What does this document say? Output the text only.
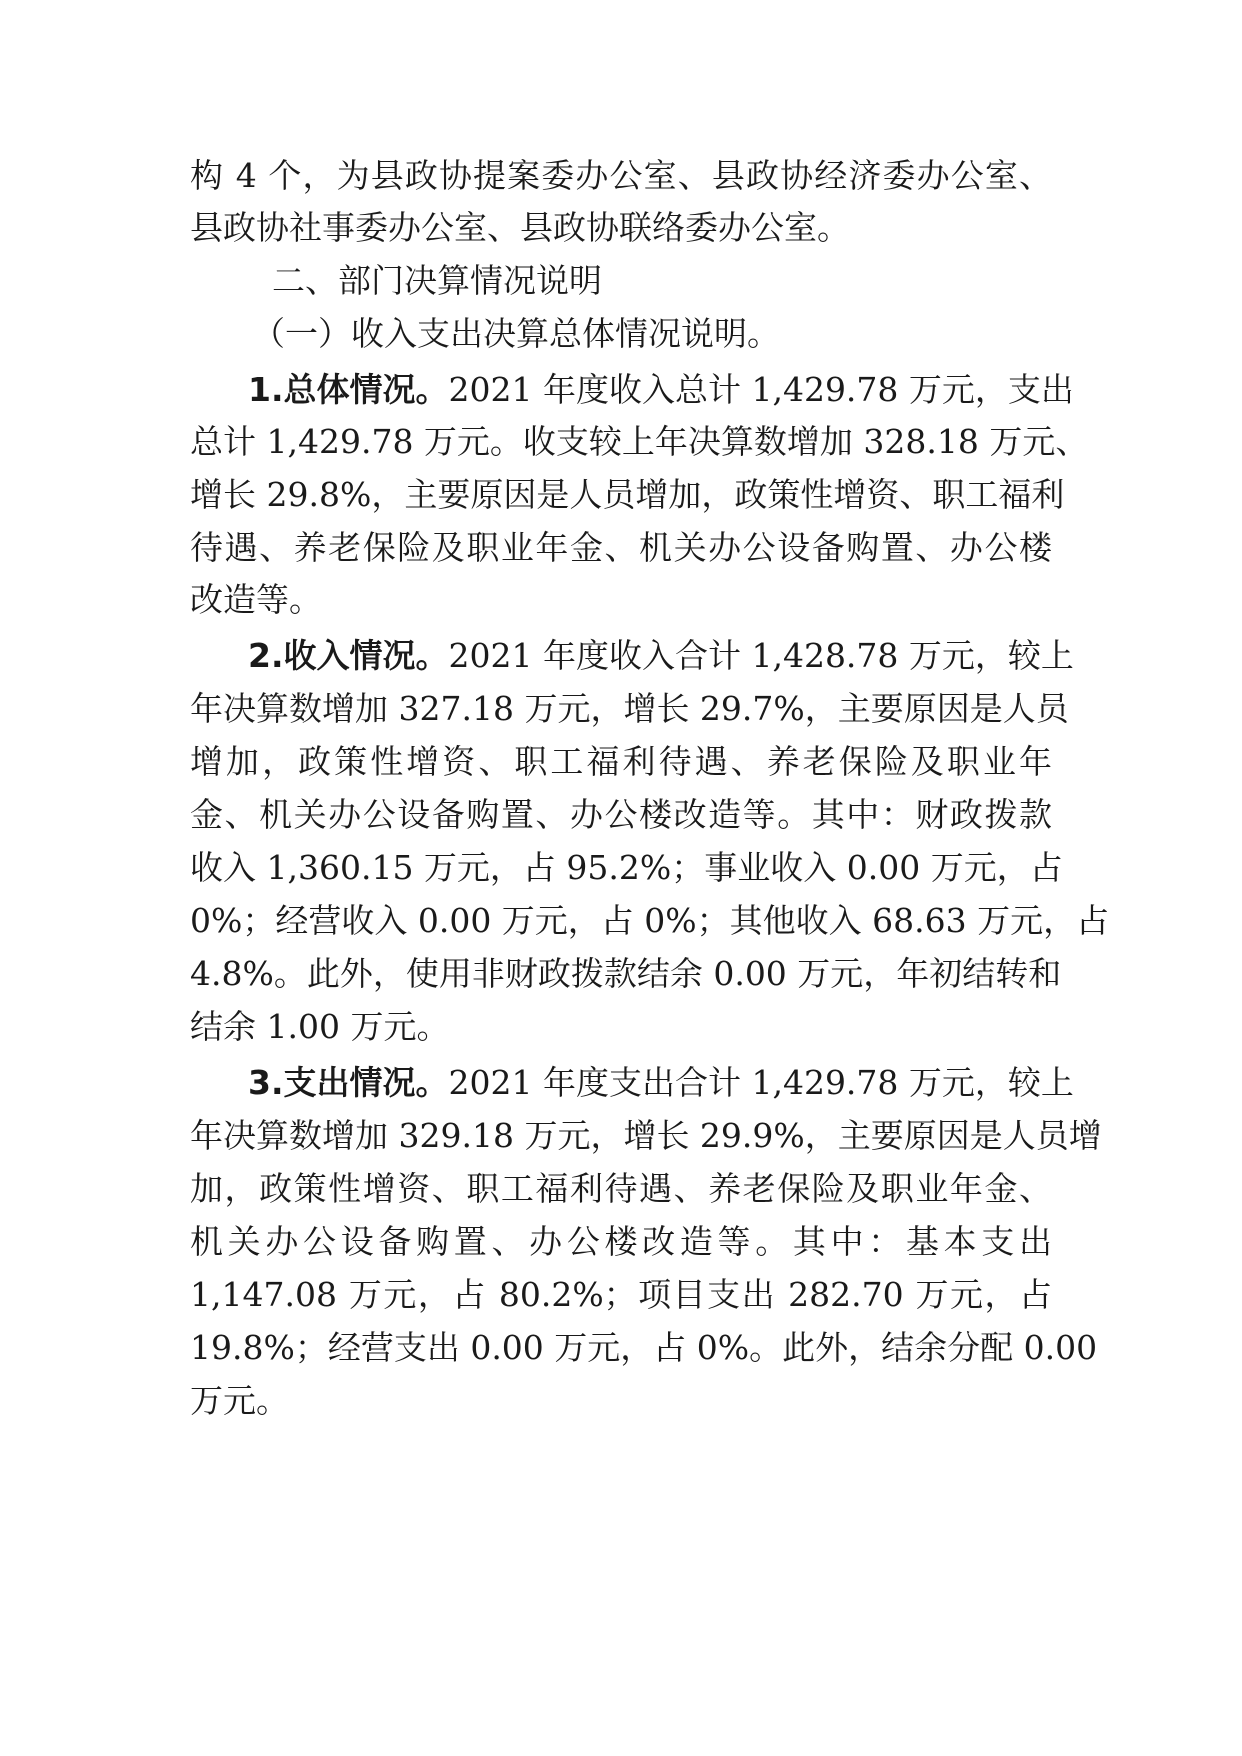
构 4 个，为县政协提案委办公室、县政协经济委办公室、
县政协社事委办公室、县政协联络委办公室。
二、部门决算情况说明
（一）收入支出决算总体情况说明。
1.总体情况。2021 年度收入总计 1,429.78 万元，支出
总计 1,429.78 万元。收支较上年决算数增加 328.18 万元、
增长 29.8%，主要原因是人员增加，政策性增资、职工福利
待遇、养老保险及职业年金、机关办公设备购置、办公楼
改造等。
2.收入情况。2021 年度收入合计 1,428.78 万元，较上
年决算数增加 327.18 万元，增长 29.7%，主要原因是人员
增加，政策性增资、职工福利待遇、养老保险及职业年
金、机关办公设备购置、办公楼改造等。其中：财政拨款
收入 1,360.15 万元，占 95.2%；事业收入 0.00 万元，占
0%；经营收入 0.00 万元，占 0%；其他收入 68.63 万元，占
4.8%。此外，使用非财政拨款结余 0.00 万元，年初结转和
结余 1.00 万元。
3.支出情况。2021 年度支出合计 1,429.78 万元，较上
年决算数增加 329.18 万元，增长 29.9%，主要原因是人员增
加，政策性增资、职工福利待遇、养老保险及职业年金、
机关办公设备购置、办公楼改造等。其中：基本支出
1,147.08 万元，占 80.2%；项目支出 282.70 万元，占
19.8%；经营支出 0.00 万元，占 0%。此外，结余分配 0.00
万元。
